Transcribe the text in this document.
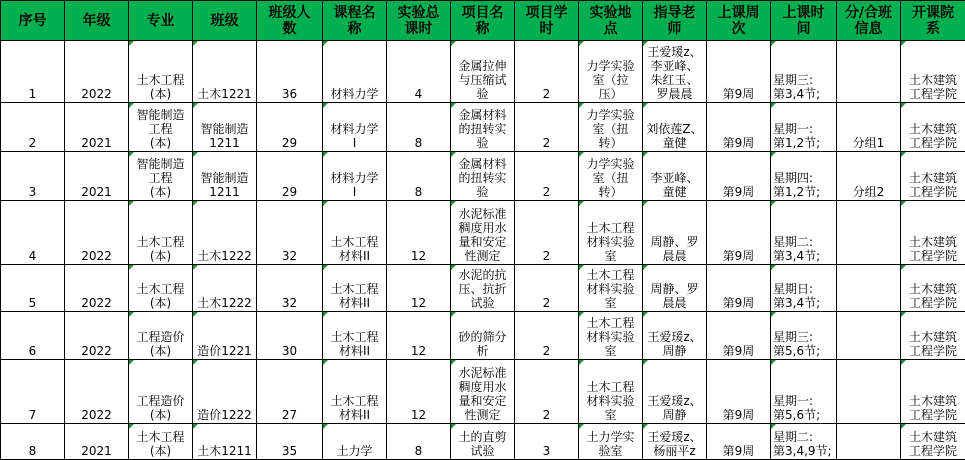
序号	年级	专业	班级	班级人
数	课程名
称	实验总
课时	项目名
称	项目学
时	实验地
点	指导老
师	上课周
次	上课时
间	分/合班
信息	开课院
系
1	2022	土木工程
(本)	土木1221	36	材料力学	4	金属拉伸
与压缩试
验	2	力学实验
室（拉
压）	王爱瑗z、
李亚峰、
朱红玉、
罗晨晨	第9周	星期三:
第3,4节;		土木建筑
工程学院
2	2021	智能制造
工程
(本)	智能制造
1211	29	材料力学
I	8	金属材料
的扭转实
验	2	力学实验
室（扭
转）	刘依莲Z、
童健	第9周	星期一:
第1,2节;	分组1	土木建筑
工程学院
3	2021	智能制造
工程
(本)	智能制造
1211	29	材料力学
I	8	金属材料
的扭转实
验	2	力学实验
室（扭
转）	李亚峰、
童健	第9周	星期四:
第1,2节;	分组2	土木建筑
工程学院
4	2022	土木工程
(本)	土木1222	32	土木工程
材料II	12	水泥标准
稠度用水
量和安定
性测定	2	土木工程
材料实验
室	周静、罗
晨晨	第9周	星期二:
第3,4节;		土木建筑
工程学院
5	2022	土木工程
(本)	土木1222	32	土木工程
材料II	12	水泥的抗
压、抗折
试验	2	土木工程
材料实验
室	周静、罗
晨晨	第9周	星期日:
第3,4节;		土木建筑
工程学院
6	2022	工程造价
(本)	造价1221	30	土木工程
材料II	12	砂的筛分
析	2	土木工程
材料实验
室	王爱瑗z、
周静	第9周	星期三:
第5,6节;		土木建筑
工程学院
7	2022	工程造价
(本)	造价1222	27	土木工程
材料II	12	水泥标准
稠度用水
量和安定
性测定	2	土木工程
材料实验
室	王爱瑗z、
周静	第9周	星期一:
第5,6节;		土木建筑
工程学院
8	2021	土木工程
(本)	土木1211	35	土力学	8	土的直剪
试验	3	土力学实
验室	王爱瑗z、
杨丽平z	第9周	星期二:
第3,4,9节;		土木建筑
工程学院
